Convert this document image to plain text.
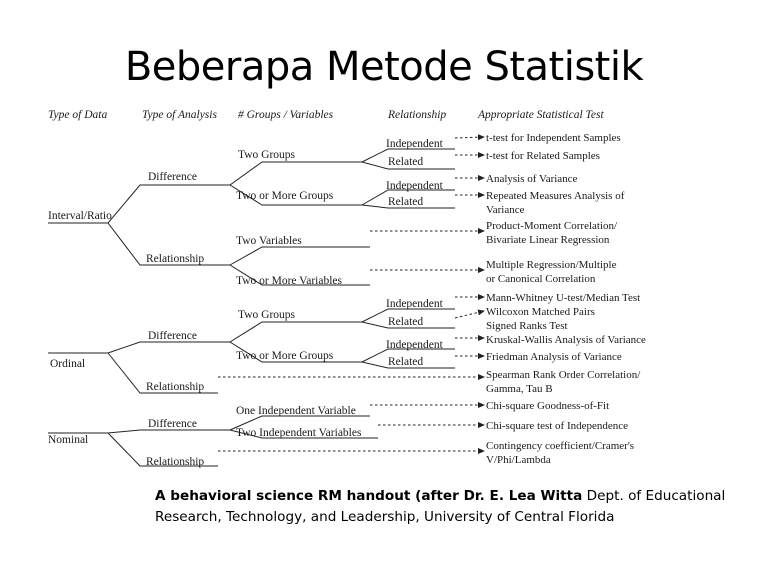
Beberapa Metode Statistik
Type of Data	Type of Analysis # Groups / Variables	Relationship	Appropriate Statistical Test
Interval/Ratio
Ordinal
Nominal
Difference
Relationship
Difference
Relationship
Difference
Relationship
Two Groups
Two or More Groups
Two Variables
Two or More Variables
Two Groups
Two or More Groups
One Independent Variable
Two Independent Variables
Independent
Related
Independent
Related
Independent
Related
Independent
Related
t-test for Independent Samples
t-test for Related Samples
Analysis of Variance
Repeated Measures Analysis of
Variance
Product-Moment Correlation/
Bivariate Linear Regression
Multiple Regression/Multiple
or Canonical Correlation
Mann-Whitney U-test/Median Test
Wilcoxon Matched Pairs
Signed Ranks Test
Kruskal-Wallis Analysis of Variance
Friedman Analysis of Variance
Spearman Rank Order Correlation/
Gamma, Tau B
Chi-square Goodness-of-Fit
Chi-square test of Independence
Contingency coefficient/Cramer's
V/Phi/Lambda
A behavioral science RM handout (after Dr. E. Lea Witta Dept. of Educational Research, Technology, and Leadership, University of Central Florida
